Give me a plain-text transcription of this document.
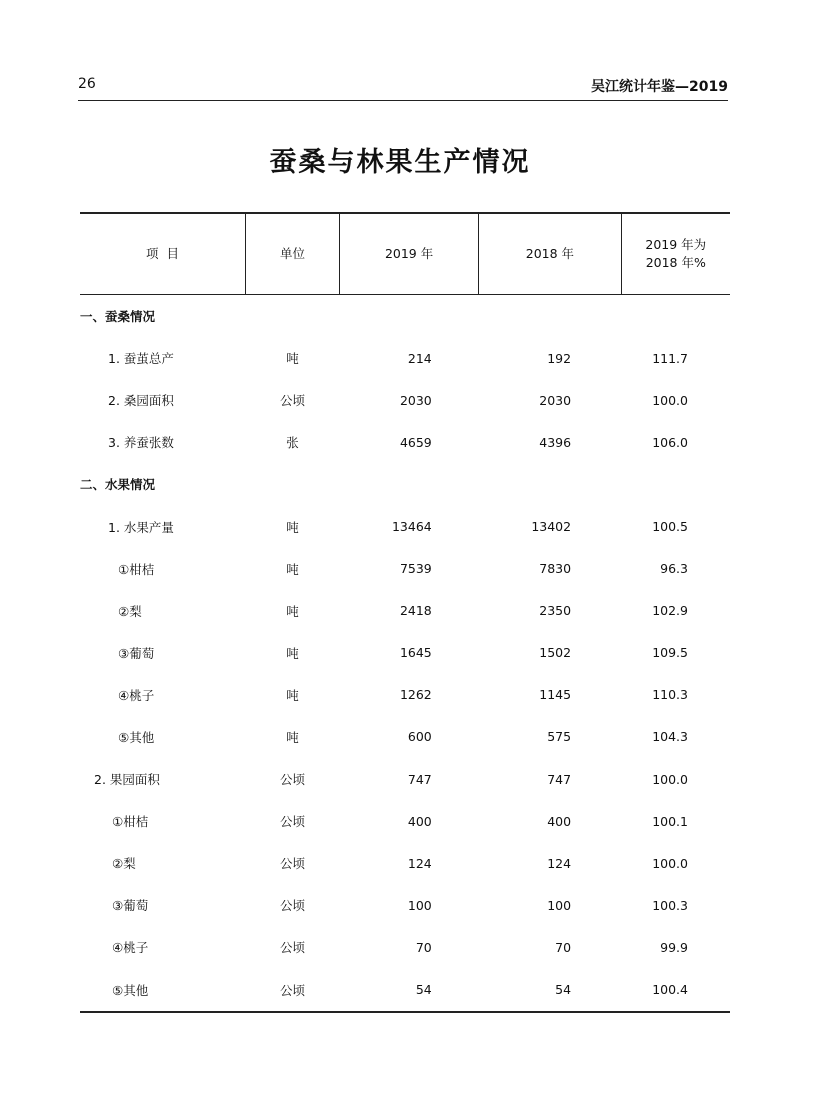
26	吴江统计年鉴—2019
蚕桑与林果生产情况
项  目	单位	2019 年	2018 年	2019 年为
2018 年%

一、蚕桑情况				
1. 蚕茧总产	吨	214	192	111.7
2. 桑园面积	公顷	2030	2030	100.0
3. 养蚕张数	张	4659	4396	106.0
二、水果情况				
1. 水果产量	吨	13464	13402	100.5
①柑桔	吨	7539	7830	96.3
②梨	吨	2418	2350	102.9
③葡萄	吨	1645	1502	109.5
④桃子	吨	1262	1145	110.3
⑤其他	吨	600	575	104.3
2. 果园面积	公顷	747	747	100.0
①柑桔	公顷	400	400	100.1
②梨	公顷	124	124	100.0
③葡萄	公顷	100	100	100.3
④桃子	公顷	70	70	99.9
⑤其他	公顷	54	54	100.4
